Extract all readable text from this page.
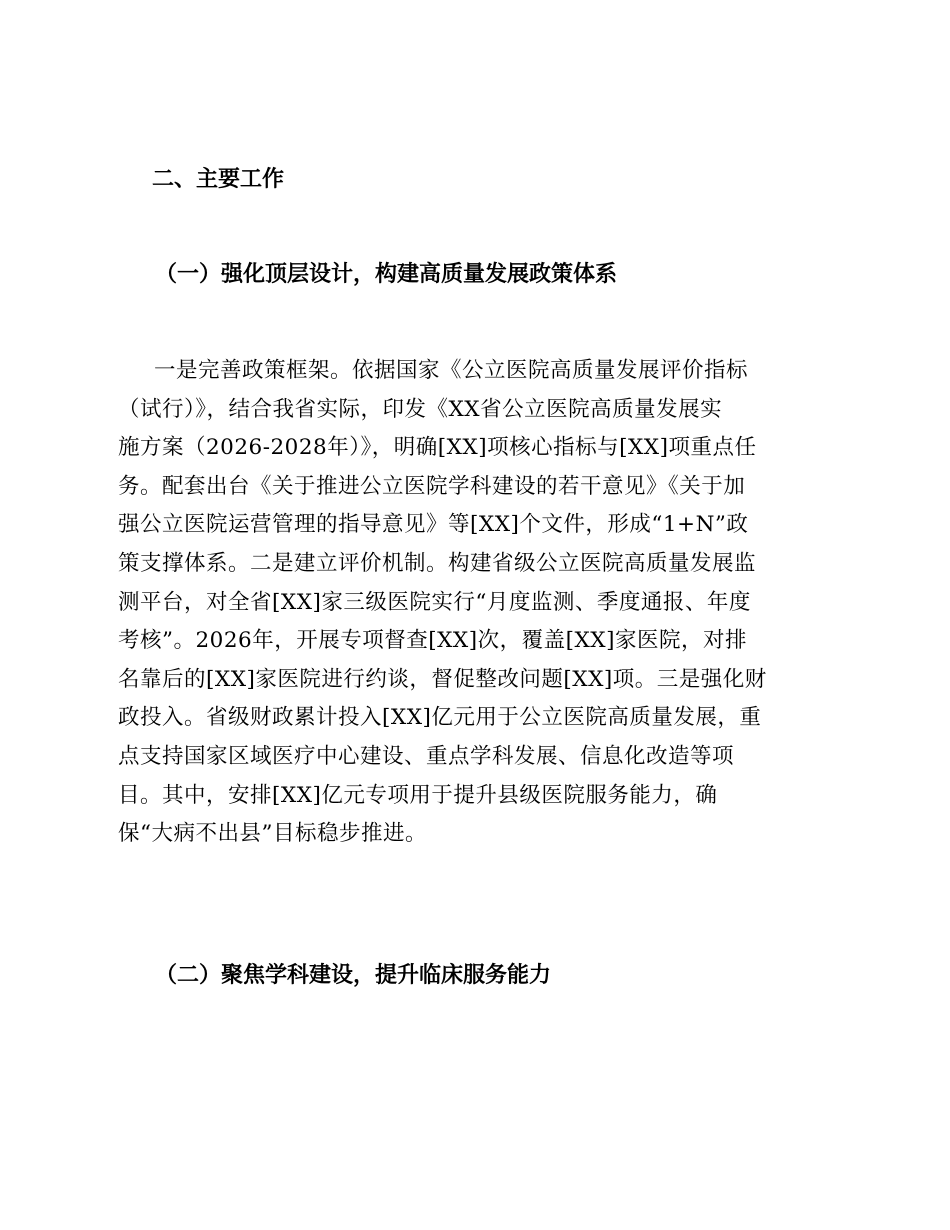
二、主要工作
（一）强化顶层设计，构建高质量发展政策体系
一是完善政策框架。依据国家《公立医院高质量发展评价指标
（试行）》，结合我省实际，印发《XX省公立医院高质量发展实
施方案（2026-2028年）》，明确[XX]项核心指标与[XX]项重点任
务。配套出台《关于推进公立医院学科建设的若干意见》《关于加
强公立医院运营管理的指导意见》等[XX]个文件，形成“1+N”政
策支撑体系。二是建立评价机制。构建省级公立医院高质量发展监
测平台，对全省[XX]家三级医院实行“月度监测、季度通报、年度
考核”。2026年，开展专项督查[XX]次，覆盖[XX]家医院，对排
名靠后的[XX]家医院进行约谈，督促整改问题[XX]项。三是强化财
政投入。省级财政累计投入[XX]亿元用于公立医院高质量发展，重
点支持国家区域医疗中心建设、重点学科发展、信息化改造等项
目。其中，安排[XX]亿元专项用于提升县级医院服务能力，确
保“大病不出县”目标稳步推进。
（二）聚焦学科建设，提升临床服务能力
